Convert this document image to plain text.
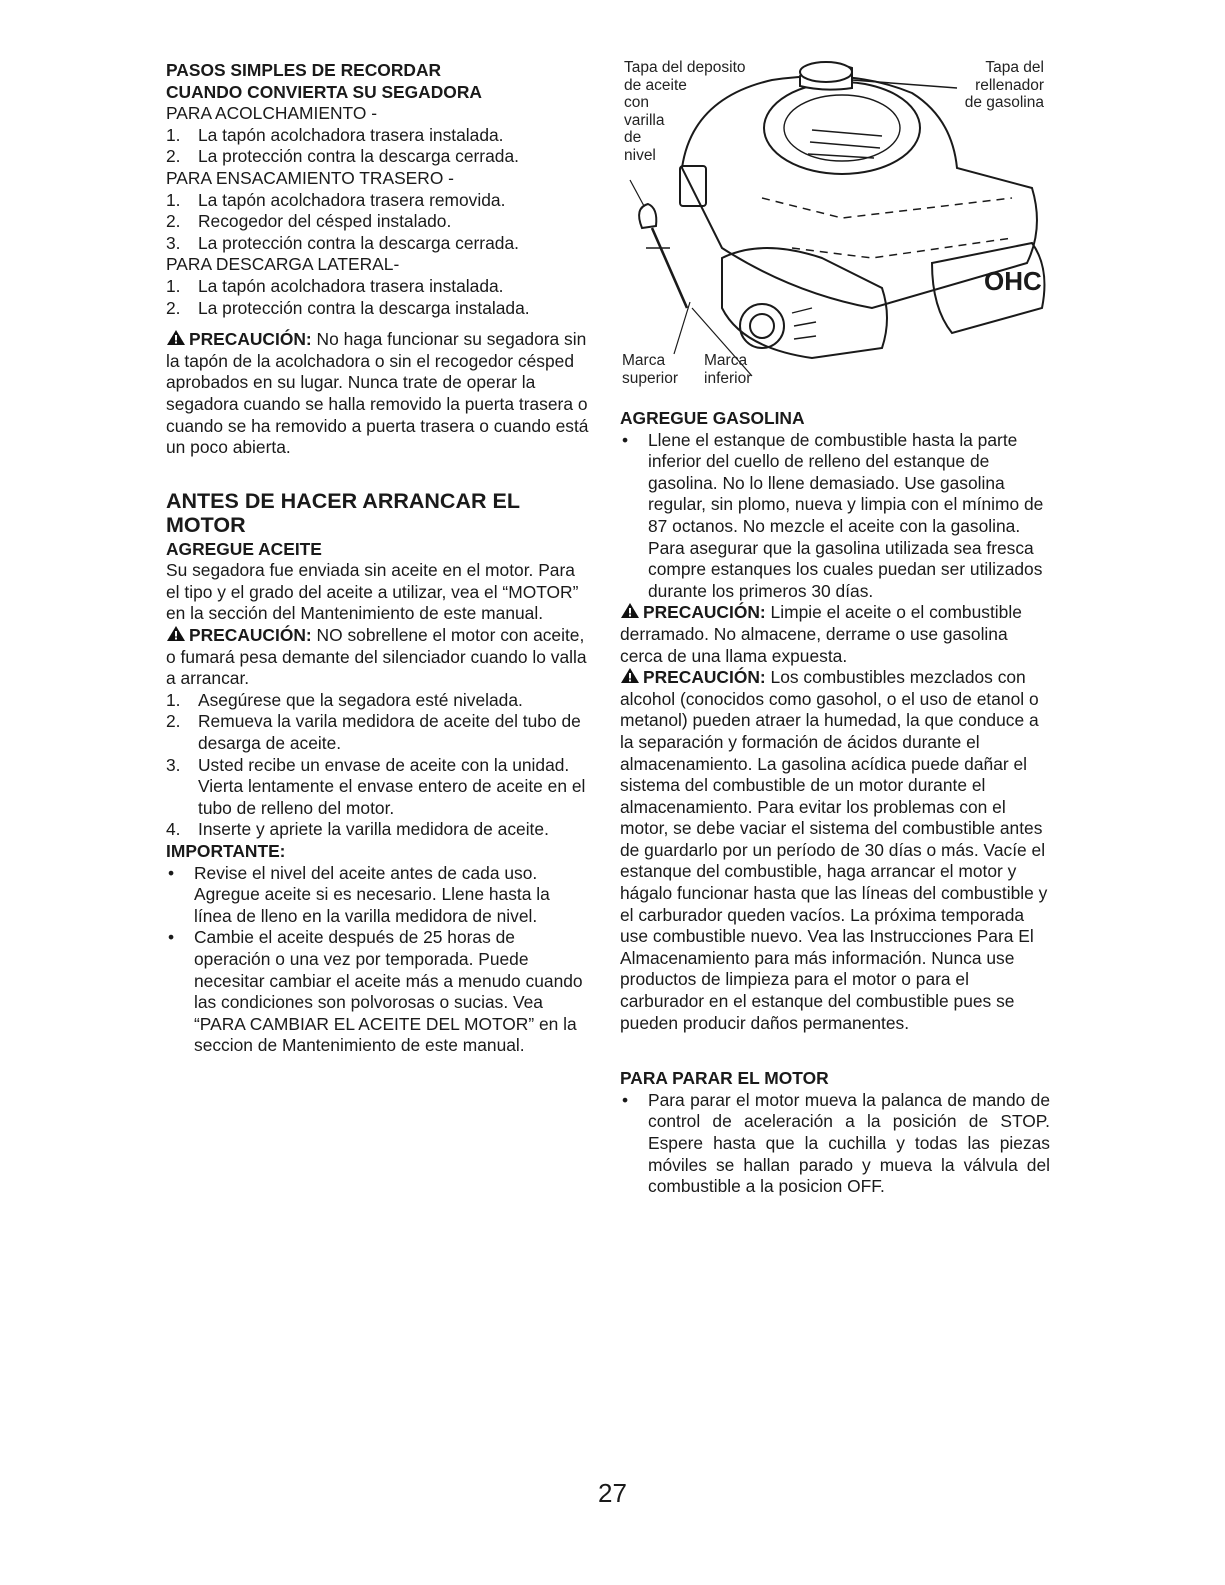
PASOS SIMPLES DE RECORDAR
CUANDO CONVIERTA SU SEGADORA
PARA ACOLCHAMIENTO -
1.	La tapón acolchadora trasera instalada.
2.	La protección contra la descarga cerrada.
PARA ENSACAMIENTO TRASERO -
1.	La tapón acolchadora trasera removida.
2.	Recogedor del césped instalado.
3.	La protección contra la descarga cerrada.
PARA DESCARGA LATERAL-
1.	La tapón acolchadora trasera instalada.
2.	La protección contra la descarga instalada.

PRECAUCIÓN: No haga funcionar su segadora sin la tapón de la acolchadora o sin el recogedor césped aprobados en su lugar. Nunca trate de operar la segadora cuando se halla removido la puerta trasera o cuando se ha removido a puerta trasera o cuando está un poco abierta.

ANTES DE HACER ARRANCAR EL MOTOR
AGREGUE ACEITE

Su segadora fue enviada sin aceite en el motor. Para el tipo y el grado del aceite a utilizar, vea el “MOTOR” en la sección del Mantenimiento de este manual.

PRECAUCIÓN: NO sobrellene el motor con aceite, o fumará pesa demante del silenciador cuando lo valla a arrancar.

1.	Asegúrese que la segadora esté nivelada.
2.	Remueva la varila medidora de aceite del tubo de desarga de aceite.
3.	Usted recibe un envase de aceite con la unidad. Vierta lentamente el envase entero de aceite en el tubo de relleno del motor.
4.	Inserte y apriete la varilla medidora de aceite.
IMPORTANTE:
•	Revise el nivel del aceite antes de cada uso. Agregue aceite si es necesario. Llene hasta la línea de lleno en la varilla medidora de nivel.
•	Cambie el aceite después de 25 horas de operación o una vez por temporada. Puede necesitar cambiar el aceite más a menudo cuando las condiciones son polvorosas o sucias. Vea “PARA CAMBIAR EL ACEITE DEL MOTOR” en la seccion de Mantenimiento de este manual.
OHC
Tapa del deposito
de aceite
con
varilla
de
nivel
Tapa del
rellenador
de gasolina
Marca
superior
Marca
inferior
AGREGUE GASOLINA
•	Llene el estanque de combustible hasta la parte inferior del cuello de relleno del estanque de gasolina. No lo llene demasiado. Use gasolina regular, sin plomo, nueva y limpia con el mínimo de 87 octanos. No mezcle el aceite con la gasolina. Para asegurar que la gasolina utilizada sea fresca compre estanques los cuales puedan ser utilizados durante los primeros 30 días.

PRECAUCIÓN: Limpie el aceite o el combustible derramado. No almacene, derrame o use gasolina cerca de una llama expuesta.

PRECAUCIÓN: Los combustibles mezclados con alcohol (conocidos como gasohol, o el uso de etanol o metanol) pueden atraer la humedad, la que conduce a la separación y formación de ácidos durante el almacenamiento. La gasolina acídica puede dañar el sistema del combustible de un motor durante el almacenamiento. Para evitar los problemas con el motor, se debe vaciar el sistema del combustible antes de guardarlo por un período de 30 días o más. Vacíe el estanque del combustible, haga arrancar el motor y hágalo funcionar hasta que las líneas del combustible y el carburador queden vacíos. La próxima temporada use combustible nuevo. Vea las Instrucciones Para El Almacenamiento para más información. Nunca use productos de limpieza para el motor o para el carburador en el estanque del combustible pues se pueden producir daños permanentes.

PARA PARAR EL MOTOR
•	Para parar el motor mueva la palanca de mando de control de aceleración a la posición de STOP. Espere hasta que la cuchilla y todas las piezas móviles se hallan parado y mueva la válvula del combustible a la posicion OFF.
27
